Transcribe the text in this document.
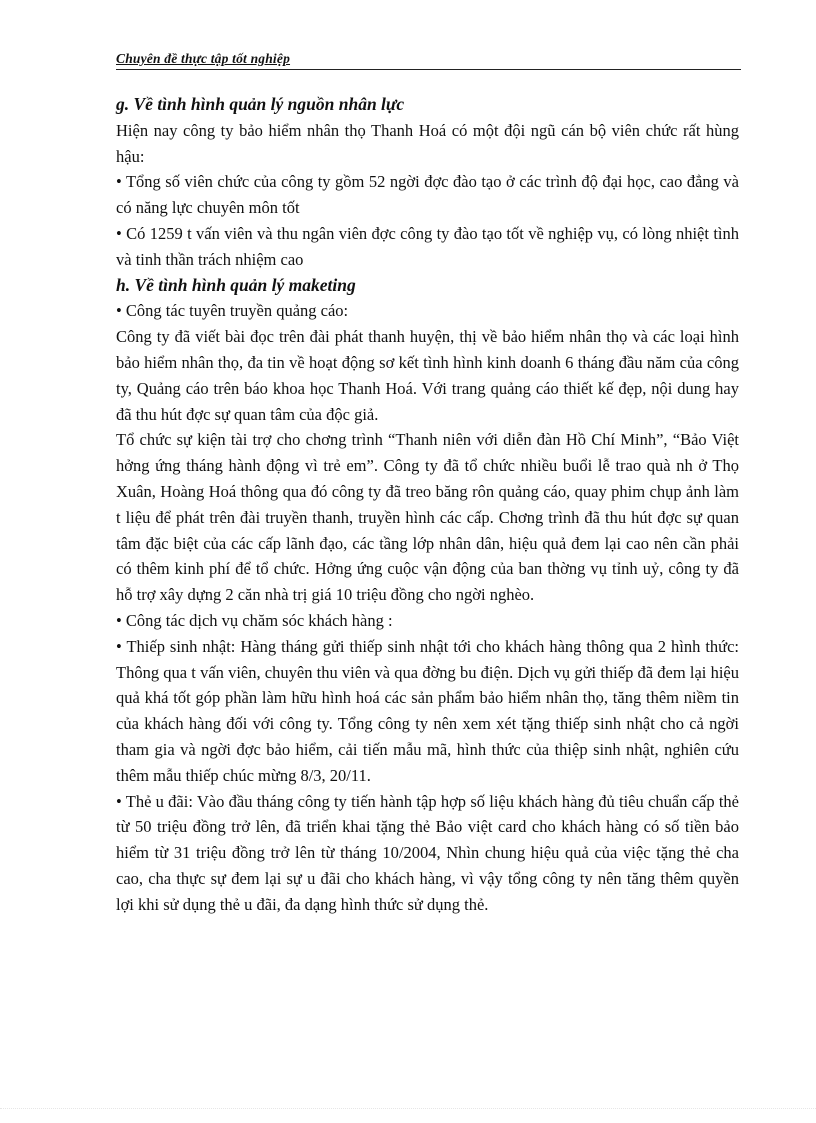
Chuyên đề thực tập tốt nghiệp

g. Về tình hình quản lý nguồn nhân lực

Hiện nay công ty bảo hiểm nhân thọ Thanh Hoá có một đội ngũ cán bộ viên chức rất hùng hậu:

• Tổng số viên chức của công ty gồm 52 ngời đợc đào tạo ở các trình độ đại học, cao đẳng và có năng lực chuyên môn tốt

• Có 1259 t vấn viên và thu ngân viên đợc công ty đào tạo tốt về nghiệp vụ, có lòng nhiệt tình và tinh thần trách nhiệm cao

h. Về tình hình quản lý maketing

• Công tác tuyên truyền quảng cáo:

Công ty đã viết bài đọc trên đài phát thanh huyện, thị về bảo hiểm nhân thọ và các loại hình bảo hiểm nhân thọ, đa tin về hoạt động sơ kết tình hình kinh doanh 6 tháng đầu năm của công ty, Quảng cáo trên báo khoa học Thanh Hoá. Với trang quảng cáo thiết kế đẹp, nội dung hay đã thu hút đợc sự quan tâm của độc giả.

Tổ chức sự kiện tài trợ cho chơng trình “Thanh niên với diễn đàn Hồ Chí Minh”, “Bảo Việt hởng ứng tháng hành động vì trẻ em”. Công ty đã tổ chức nhiều buổi lễ trao quà nh ở Thọ Xuân, Hoàng Hoá thông qua đó công ty đã treo băng rôn quảng cáo, quay phim chụp ảnh làm t liệu để phát trên đài truyền thanh, truyền hình các cấp. Chơng trình đã thu hút đợc sự quan tâm đặc biệt của các cấp lãnh đạo, các tầng lớp nhân dân, hiệu quả đem lại cao nên cần phải có thêm kinh phí để tổ chức. Hởng ứng cuộc vận động của ban thờng vụ tỉnh uỷ, công ty đã hỗ trợ xây dựng 2 căn nhà trị giá 10 triệu đồng cho ngời nghèo.

• Công tác dịch vụ chăm sóc khách hàng :

• Thiếp sinh nhật: Hàng tháng gửi thiếp sinh nhật tới cho khách hàng thông qua 2 hình thức: Thông qua t vấn viên, chuyên thu viên và qua đờng bu điện. Dịch vụ gửi thiếp đã đem lại hiệu quả khá tốt góp phần làm hữu hình hoá các sản phẩm bảo hiểm nhân thọ, tăng thêm niềm tin của khách hàng đối với công ty. Tổng công ty nên xem xét tặng thiếp sinh nhật cho cả ngời tham gia và ngời đợc bảo hiểm, cải tiến mẫu mã, hình thức của thiệp sinh nhật, nghiên cứu thêm mẫu thiếp chúc mừng 8/3, 20/11.

• Thẻ u đãi: Vào đầu tháng công ty tiến hành tập hợp số liệu khách hàng đủ tiêu chuẩn cấp thẻ từ 50 triệu đồng trở lên, đã triển khai tặng thẻ Bảo việt card cho khách hàng có số tiền bảo hiểm từ 31 triệu đồng trở lên từ tháng 10/2004, Nhìn chung hiệu quả của việc tặng thẻ cha cao, cha thực sự đem lại sự u đãi cho khách hàng, vì vậy tổng công ty nên tăng thêm quyền lợi khi sử dụng thẻ u đãi, đa dạng hình thức sử dụng thẻ.
